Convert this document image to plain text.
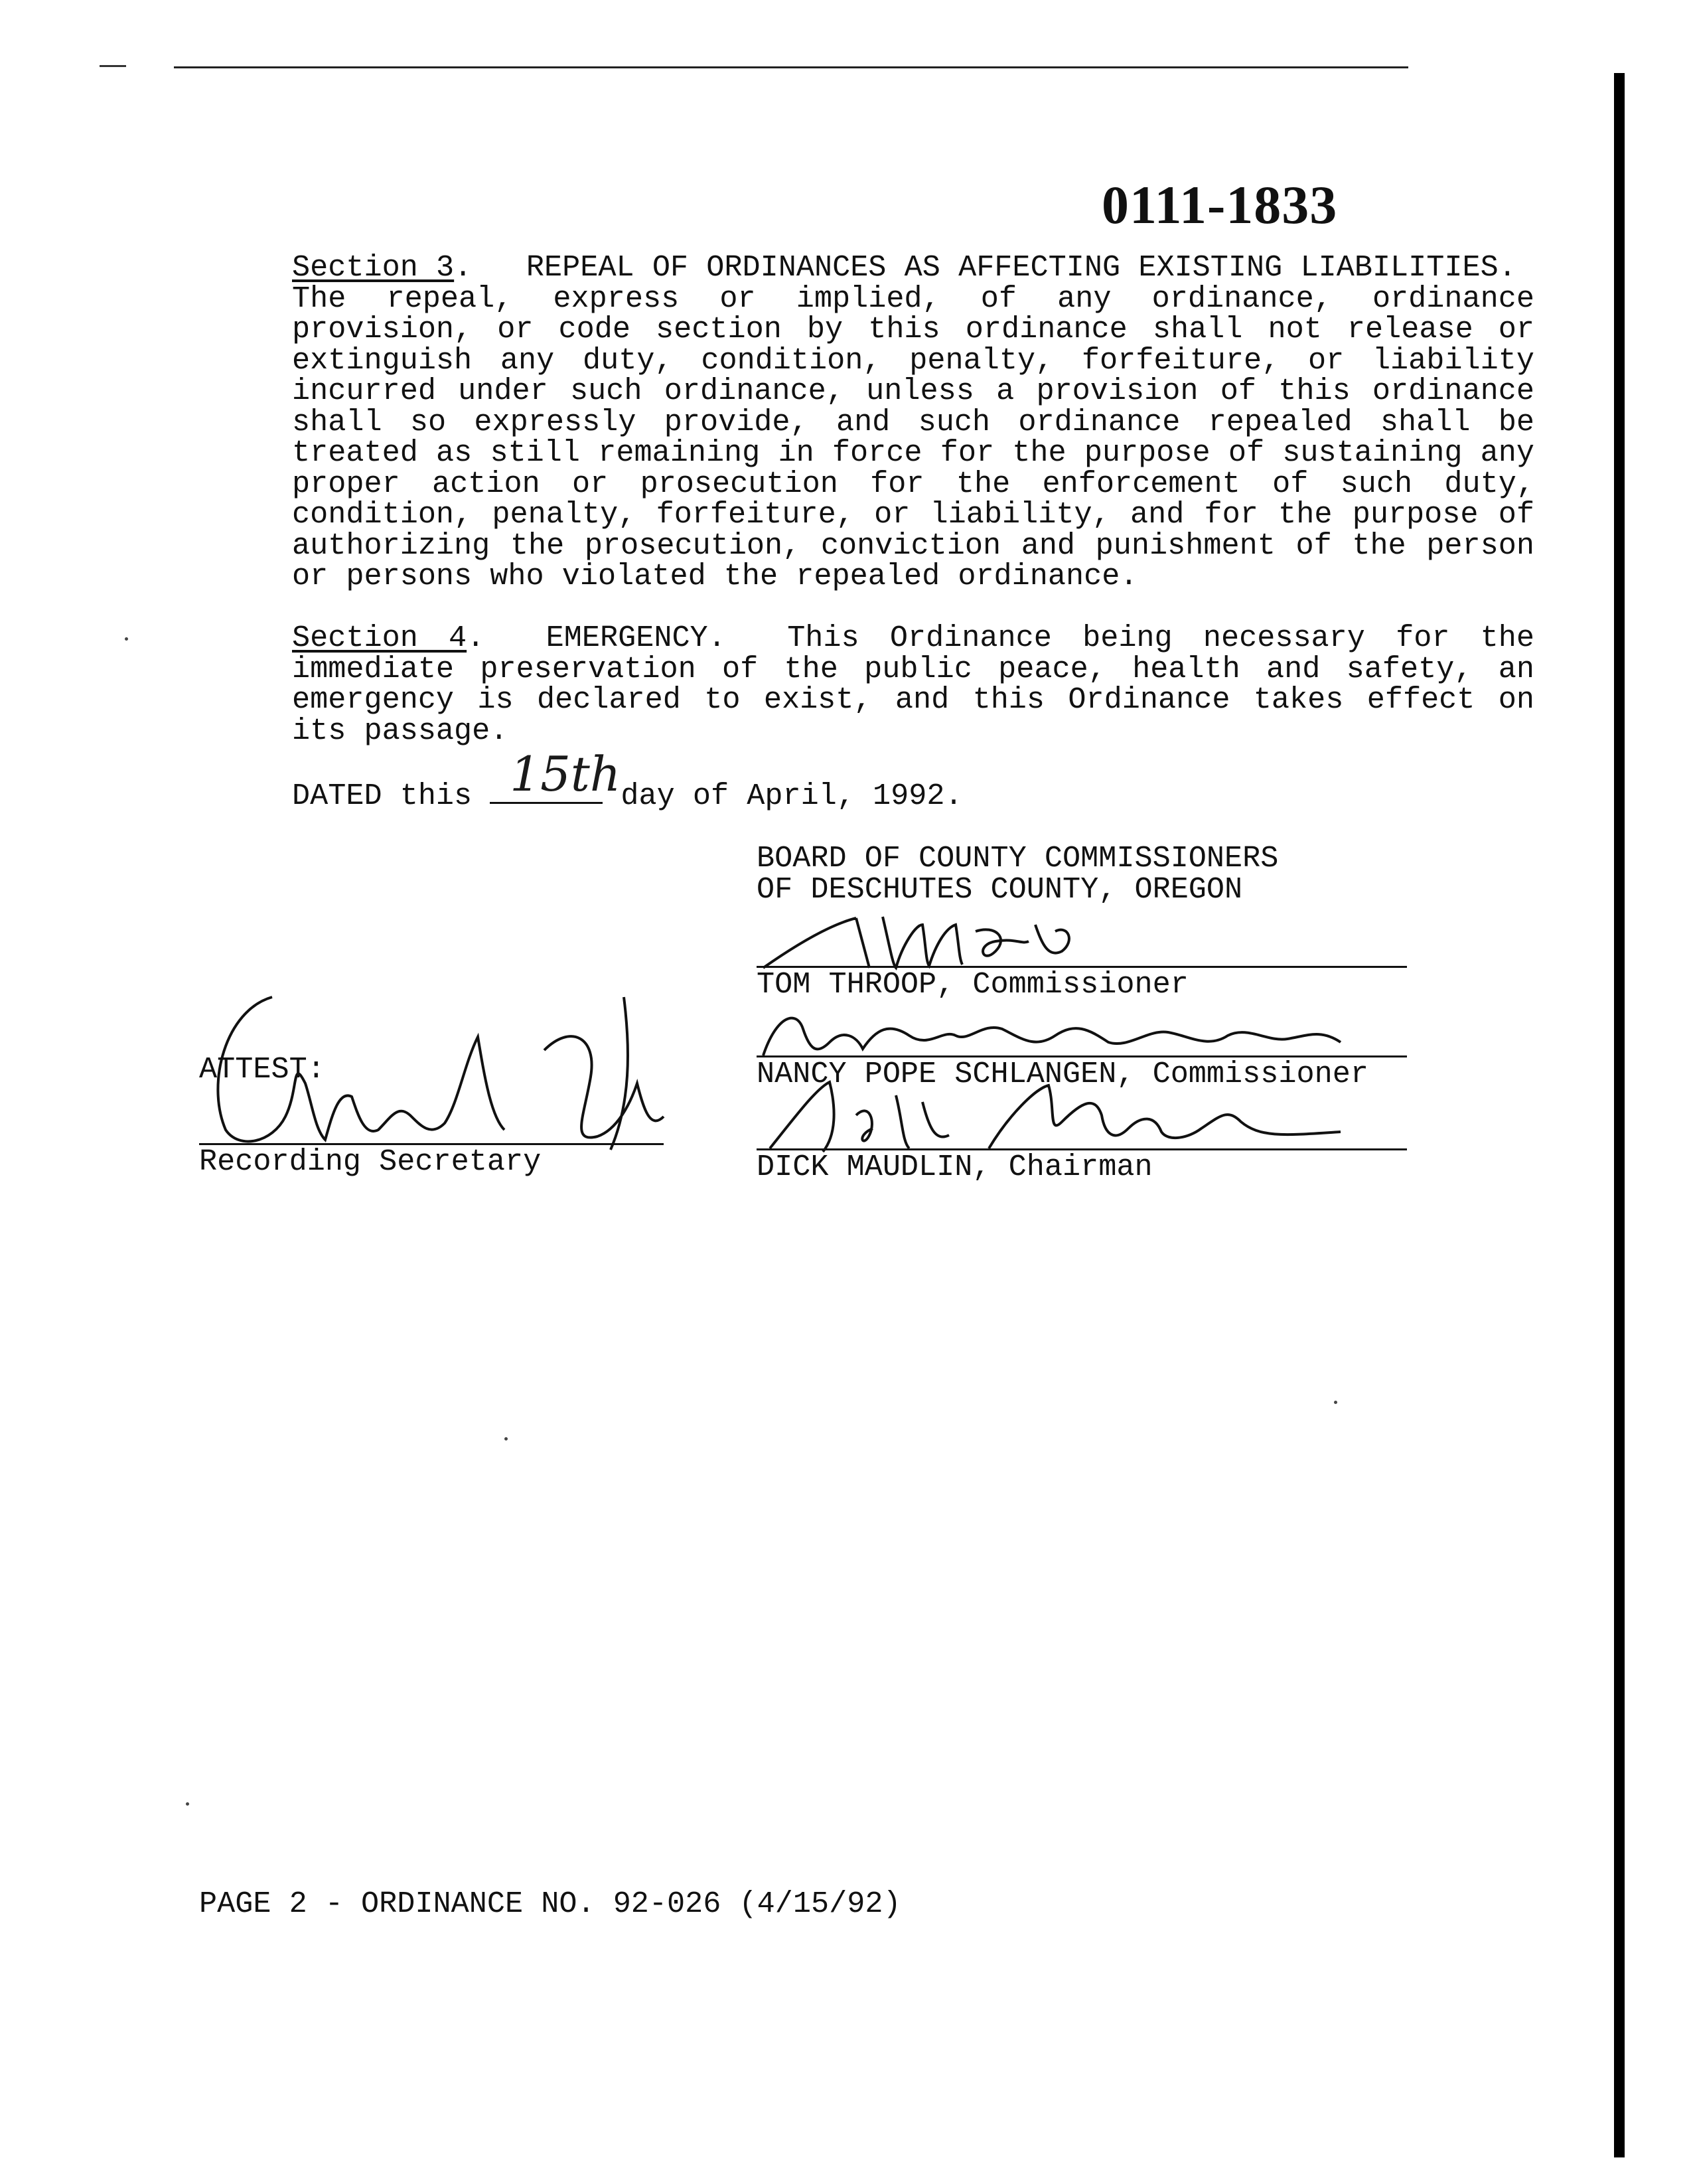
0111-1833

Section 3.   REPEAL OF ORDINANCES AS AFFECTING EXISTING LIABILITIES.  The repeal, express or implied, of any ordinance, ordinance provision, or code section by this ordinance shall not release or extinguish any duty, condition, penalty, forfeiture, or liability incurred under such ordinance, unless a provision of this ordinance shall so expressly provide, and such ordinance repealed shall be treated as still remaining in force for the purpose of sustaining any proper action or prosecution for the enforcement of such duty, condition, penalty, forfeiture, or liability, and for the purpose of authorizing the prosecution, conviction and punishment of the person or persons who violated the repealed ordinance.

Section 4.  EMERGENCY. This Ordinance being necessary for the immediate preservation of the public peace, health and safety, an emergency is declared to exist, and this Ordinance takes effect on its passage.

DATED this 15th day of April, 1992.
BOARD OF COUNTY COMMISSIONERS
OF DESCHUTES COUNTY, OREGON
TOM THROOP, Commissioner
NANCY POPE SCHLANGEN, Commissioner
DICK MAUDLIN, Chairman
ATTEST:
Recording Secretary
PAGE 2 - ORDINANCE NO. 92-026 (4/15/92)
